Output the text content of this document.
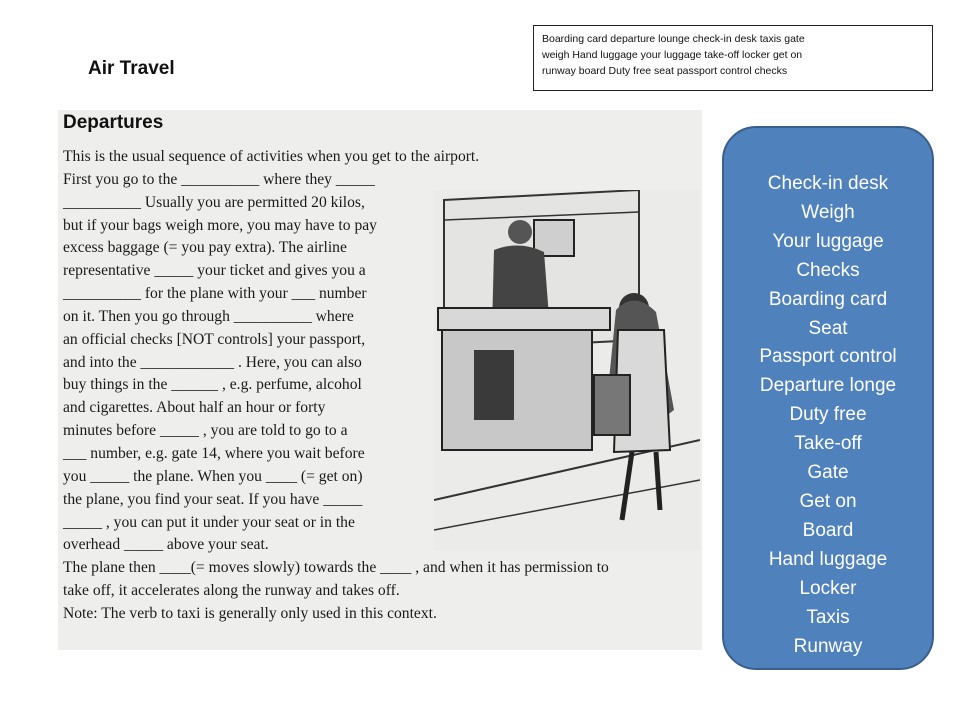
Air Travel
Boarding card departure lounge check-in desk taxis gate
weigh Hand luggage your luggage take-off locker get on
runway board Duty free seat passport control checks
Departures
This is the usual sequence of activities when you get to the airport.
First you go to the __________ where they _____
__________ Usually you are permitted 20 kilos,
but if your bags weigh more, you may have to pay
excess baggage (= you pay extra). The airline
representative _____ your ticket and gives you a
__________ for the plane with your ___ number
on it. Then you go through __________ where
an official checks [NOT controls] your passport,
and into the ____________ . Here, you can also
buy things in the ______ , e.g. perfume, alcohol
and cigarettes. About half an hour or forty
minutes before _____ , you are told to go to a
___ number, e.g. gate 14, where you wait before
you _____ the plane. When you ____ (= get on)
the plane, you find your seat. If you have _____
_____ , you can put it under your seat or in the
overhead _____ above your seat.
The plane then ____(= moves slowly) towards the ____ , and when it has permission to
take off, it accelerates along the runway and takes off.
Note: The verb to taxi is generally only used in this context.
Check-in desk
Weigh
Your luggage
Checks
Boarding card
Seat
Passport control
Departure longe
Duty free
Take-off
Gate
Get on
Board
Hand luggage
Locker
Taxis
Runway
